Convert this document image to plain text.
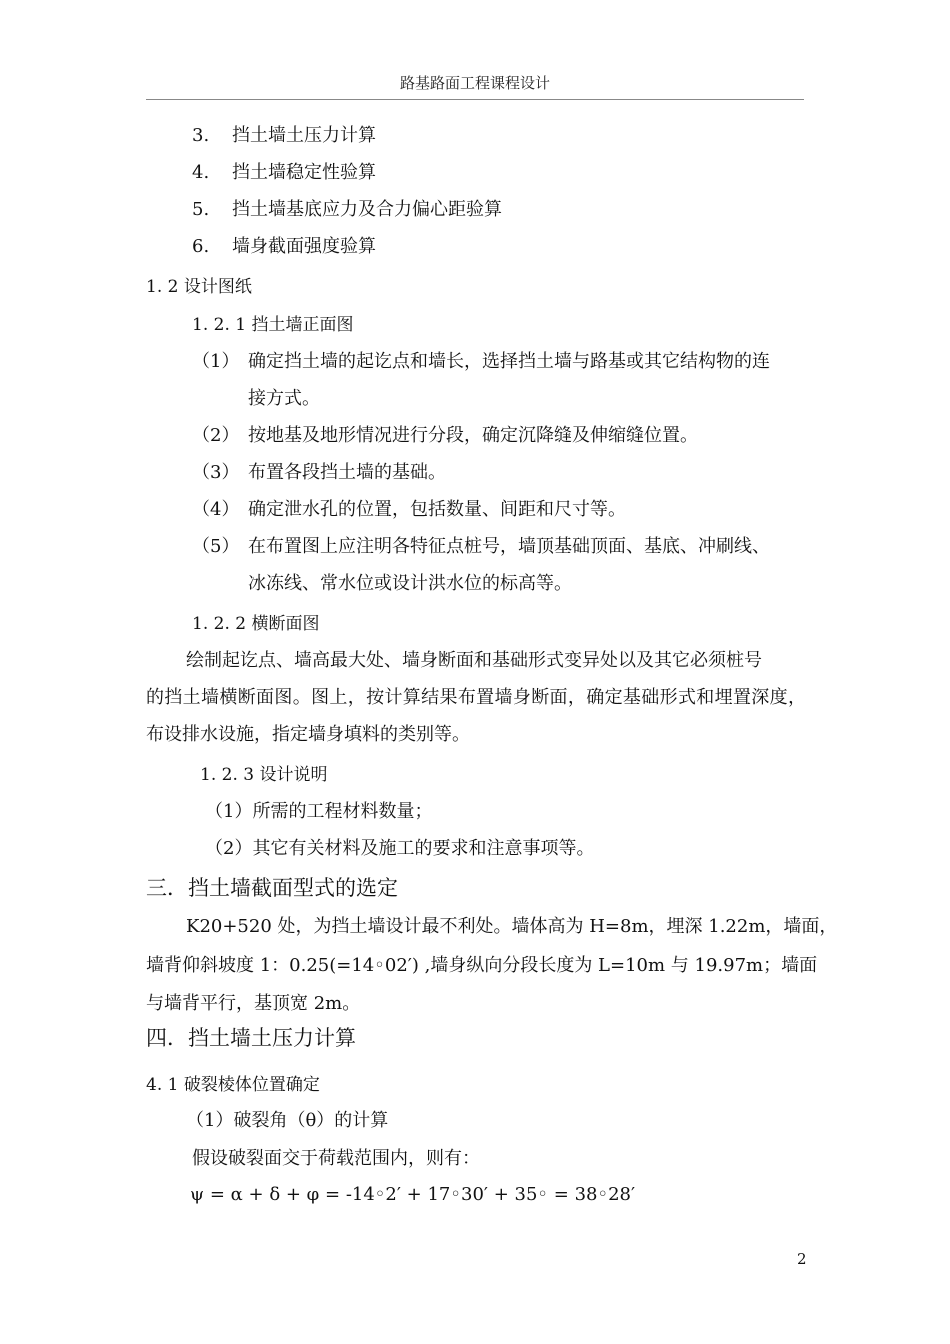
路基路面工程课程设计
3. 挡土墙土压力计算
4. 挡土墙稳定性验算
5. 挡土墙基底应力及合力偏心距验算
6. 墙身截面强度验算
1. 2 设计图纸
1. 2. 1 挡土墙正面图
（1） 确定挡土墙的起讫点和墙长，选择挡土墙与路基或其它结构物的连
接方式。
（2） 按地基及地形情况进行分段，确定沉降缝及伸缩缝位置。
（3） 布置各段挡土墙的基础。
（4） 确定泄水孔的位置，包括数量、间距和尺寸等。
（5） 在布置图上应注明各特征点桩号，墙顶基础顶面、基底、冲刷线、
冰冻线、常水位或设计洪水位的标高等。
1. 2. 2 横断面图
绘制起讫点、墙高最大处、墙身断面和基础形式变异处以及其它必须桩号
的挡土墙横断面图。图上，按计算结果布置墙身断面，确定基础形式和埋置深度，
布设排水设施，指定墙身填料的类别等。
1. 2. 3 设计说明
（1）所需的工程材料数量；
（2）其它有关材料及施工的要求和注意事项等。
三．挡土墙截面型式的选定
K20+520 处，为挡土墙设计最不利处。墙体高为 H=8m，埋深 1.22m，墙面，
墙背仰斜坡度 1：0.25(=14◦02′) ,墙身纵向分段长度为 L=10m 与 19.97m；墙面
与墙背平行，基顶宽 2m。
四．挡土墙土压力计算
4. 1 破裂棱体位置确定
（1）破裂角（θ）的计算
假设破裂面交于荷载范围内，则有：
ψ = α + δ + φ = -14◦2′ + 17◦30′ + 35◦ = 38◦28′
2
